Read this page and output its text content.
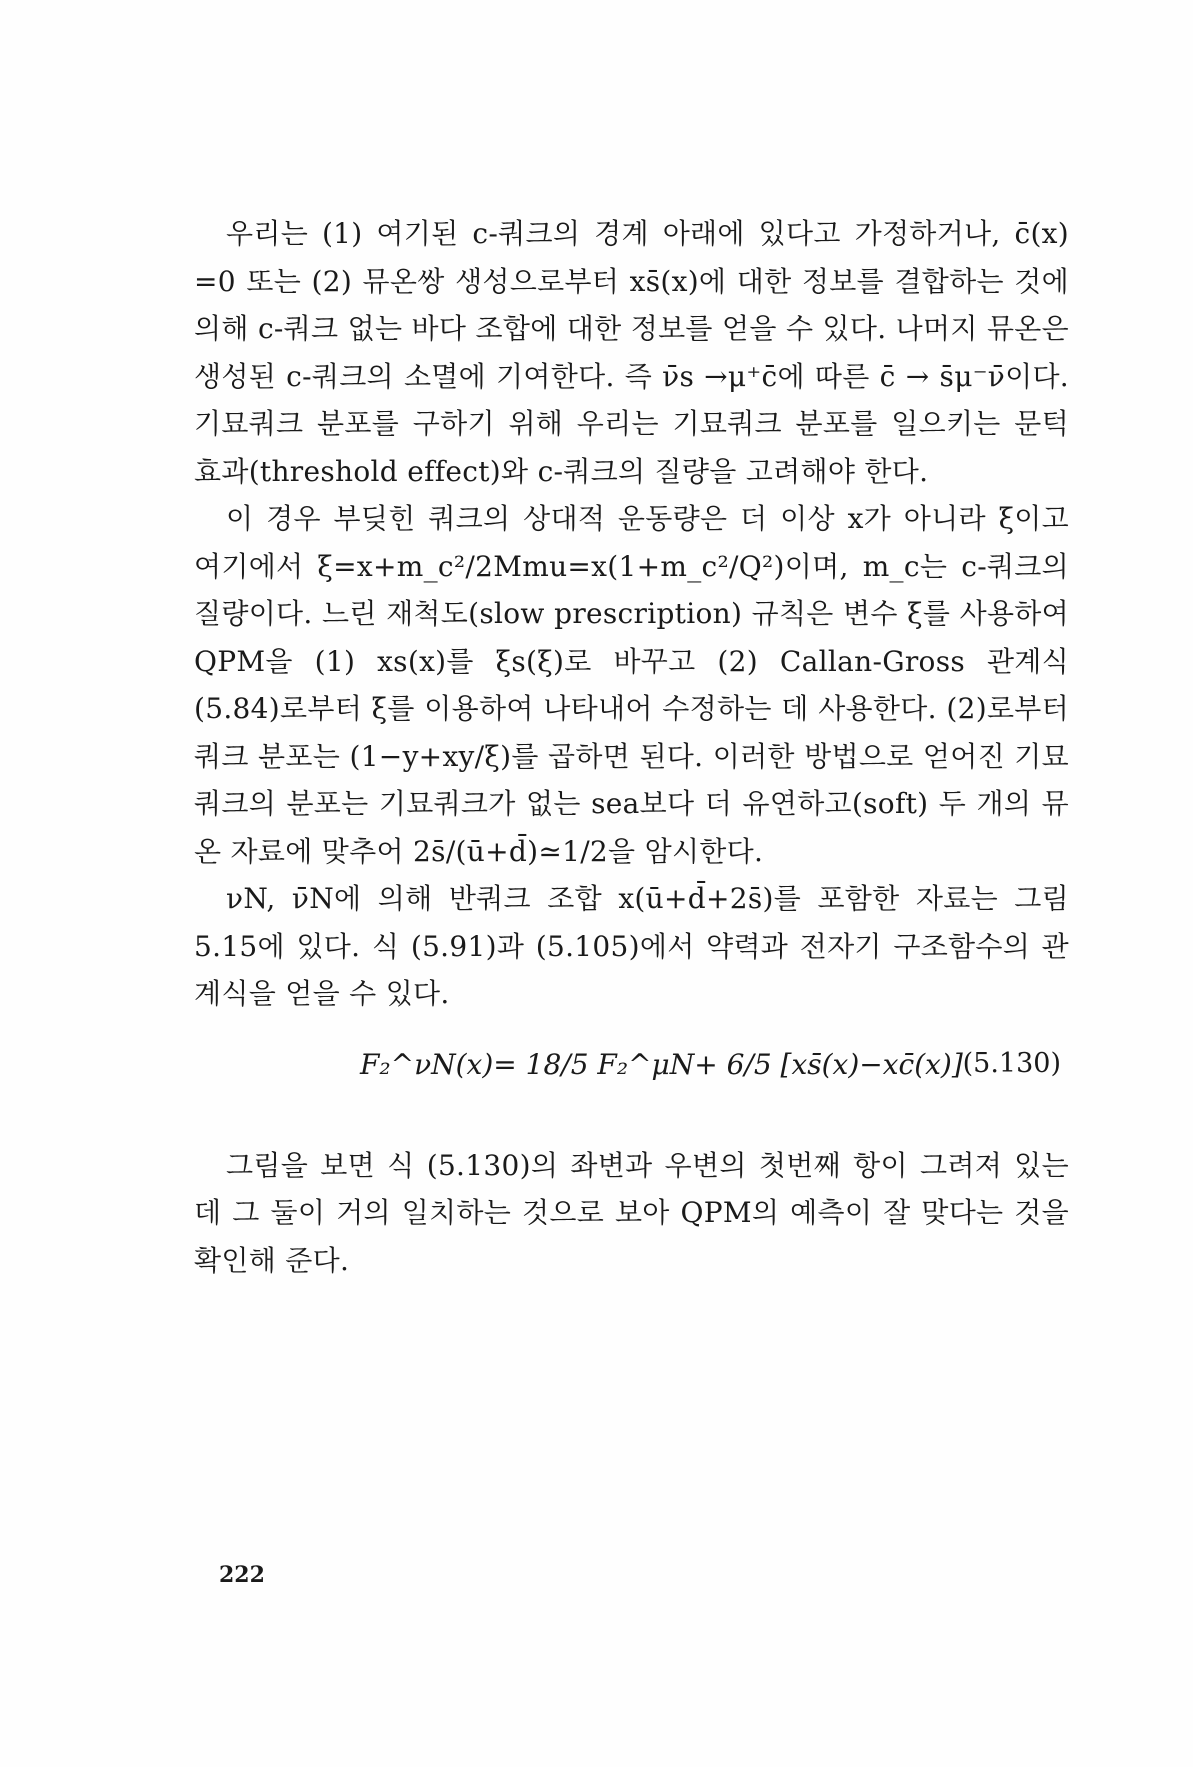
우리는 (1) 여기된 c-쿼크의 경계 아래에 있다고 가정하거나, c̄(x) =0 또는 (2) 뮤온쌍 생성으로부터 xs̄(x)에 대한 정보를 결합하는 것에 의해 c-쿼크 없는 바다 조합에 대한 정보를 얻을 수 있다. 나머지 뮤온은 생성된 c-쿼크의 소멸에 기여한다. 즉 ν̄s →μ⁺c̄에 따른 c̄ → s̄μ⁻ν̄이다. 기묘쿼크 분포를 구하기 위해 우리는 기묘쿼크 분포를 일으키는 문턱 효과(threshold effect)와 c-쿼크의 질량을 고려해야 한다.

이 경우 부딪힌 쿼크의 상대적 운동량은 더 이상 x가 아니라 ξ이고 여기에서 ξ=x+m_c²/2Mmu=x(1+m_c²/Q²)이며, m_c는 c-쿼크의 질량이다. 느린 재척도(slow prescription) 규칙은 변수 ξ를 사용하여 QPM을 (1) xs(x)를 ξs(ξ)로 바꾸고 (2) Callan-Gross 관계식 (5.84)로부터 ξ를 이용하여 나타내어 수정하는 데 사용한다. (2)로부터 쿼크 분포는 (1−y+xy/ξ)를 곱하면 된다. 이러한 방법으로 얻어진 기묘쿼크의 분포는 기묘쿼크가 없는 sea보다 더 유연하고(soft) 두 개의 뮤온 자료에 맞추어 2s̄/(ū+d̄)≃1/2을 암시한다.

νN, ν̄N에 의해 반쿼크 조합 x(ū+d̄+2s̄)를 포함한 자료는 그림 5.15에 있다. 식 (5.91)과 (5.105)에서 약력과 전자기 구조함수의 관계식을 얻을 수 있다.

F₂^νN(x)= 18/5 F₂^μN+ 6/5 [xs̄(x)−xc̄(x)] (5.130)

그림을 보면 식 (5.130)의 좌변과 우변의 첫번째 항이 그려져 있는데 그 둘이 거의 일치하는 것으로 보아 QPM의 예측이 잘 맞다는 것을 확인해 준다.

222
